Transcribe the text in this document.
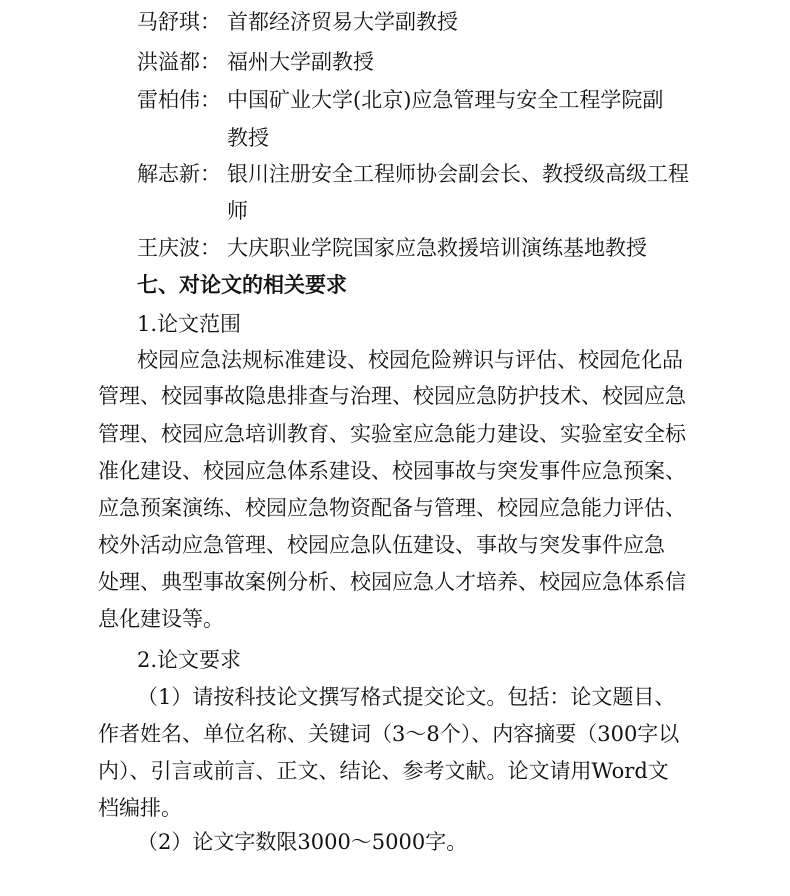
马舒琪： 首都经济贸易大学副教授
洪溢都： 福州大学副教授
雷柏伟： 中国矿业大学(北京)应急管理与安全工程学院副
教授
解志新： 银川注册安全工程师协会副会长、教授级高级工程
师
王庆波： 大庆职业学院国家应急救援培训演练基地教授
七、对论文的相关要求
1.论文范围
校园应急法规标准建设、校园危险辨识与评估、校园危化品
管理、校园事故隐患排查与治理、校园应急防护技术、校园应急
管理、校园应急培训教育、实验室应急能力建设、实验室安全标
准化建设、校园应急体系建设、校园事故与突发事件应急预案、
应急预案演练、校园应急物资配备与管理、校园应急能力评估、
校外活动应急管理、校园应急队伍建设、事故与突发事件应急
处理、典型事故案例分析、校园应急人才培养、校园应急体系信
息化建设等。
2.论文要求
（1）请按科技论文撰写格式提交论文。包括：论文题目、
作者姓名、单位名称、关键词（3～8个）、内容摘要（300字以
内）、引言或前言、正文、结论、参考文献。论文请用Word文
档编排。
（2）论文字数限3000～5000字。
